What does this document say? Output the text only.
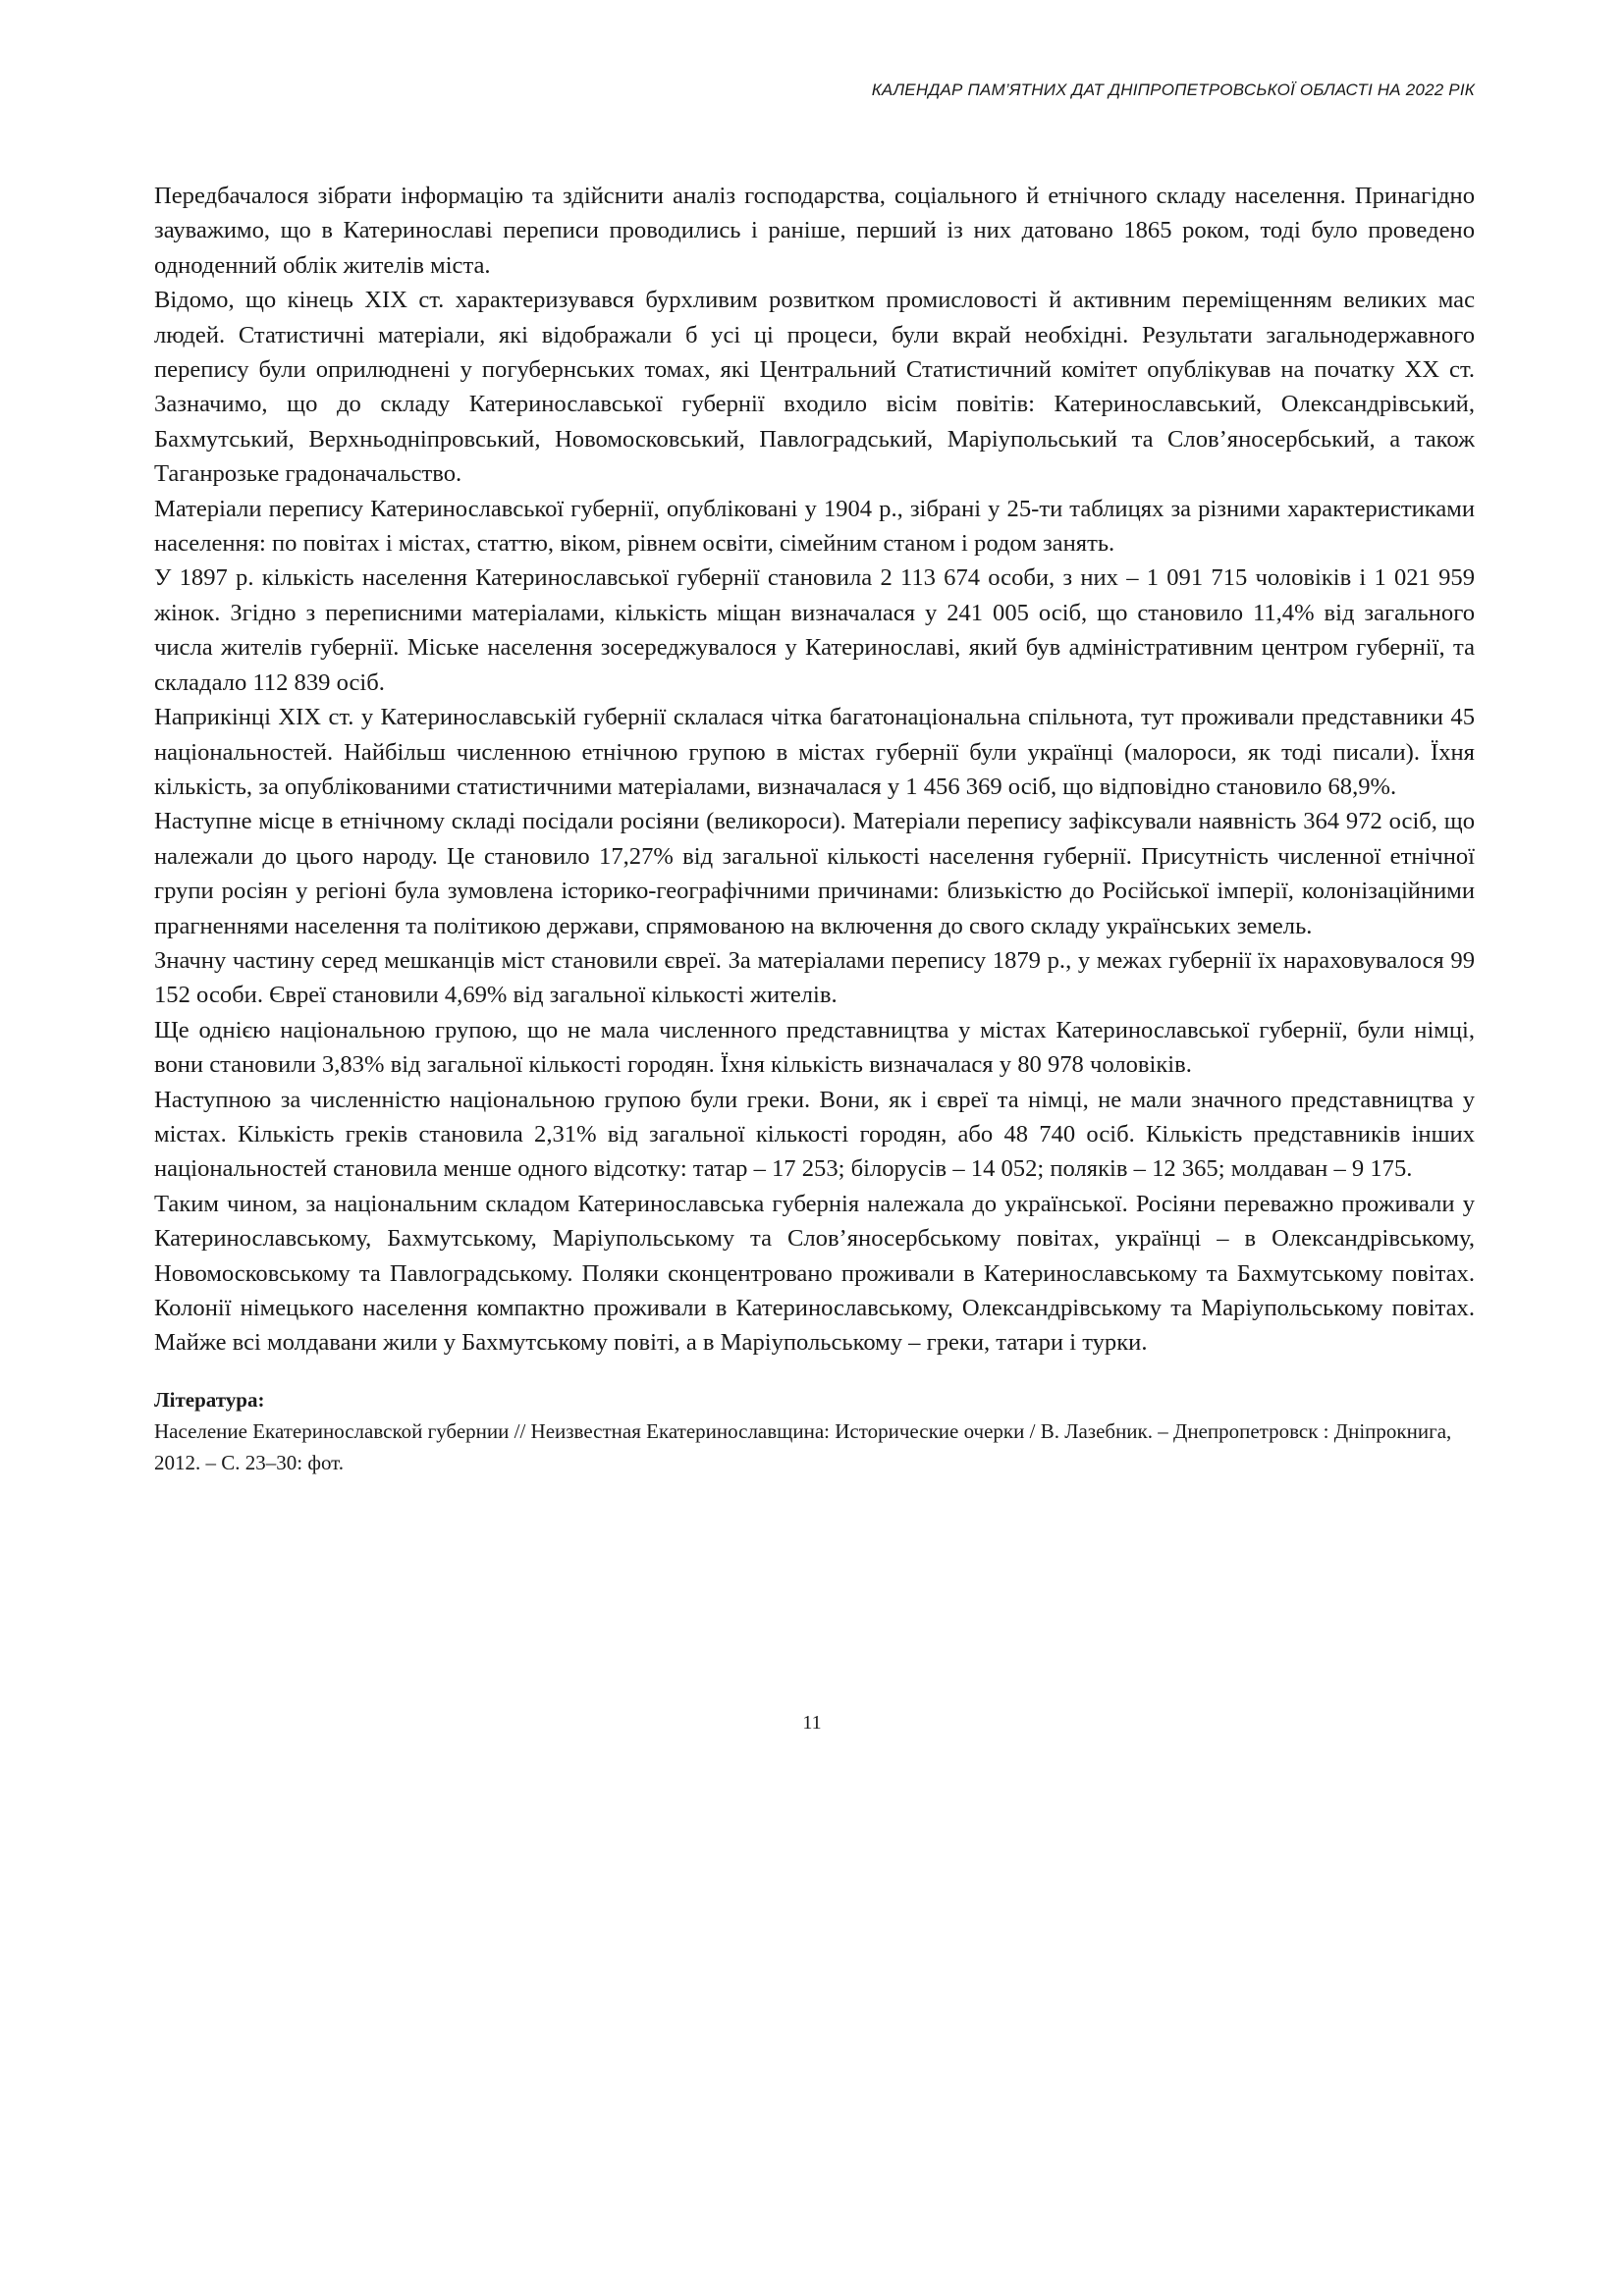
КАЛЕНДАР ПАМ’ЯТНИХ ДАТ ДНІПРОПЕТРОВСЬКОЇ ОБЛАСТІ НА 2022 РІК

Передбачалося зібрати інформацію та здійснити аналіз господарства, соціального й етнічного складу населення. Принагідно зауважимо, що в Катеринославі переписи проводились і раніше, перший із них датовано 1865 роком, тоді було проведено одноденний облік жителів міста.

Відомо, що кінець XIX ст. характеризувався бурхливим розвитком промисловості й активним переміщенням великих мас людей. Статистичні матеріали, які відображали б усі ці процеси, були вкрай необхідні. Результати загальнодержавного перепису були оприлюднені у погубернських томах, які Центральний Статистичний комітет опублікував на початку XX ст. Зазначимо, що до складу Катеринославської губернії входило вісім повітів: Катеринославський, Олександрівський, Бахмутський, Верхньодніпровський, Новомосковський, Павлоградський, Маріупольський та Слов’яносербський, а також Таганрозьке градоначальство.

Матеріали перепису Катеринославської губернії, опубліковані у 1904 р., зібрані у 25-ти таблицях за різними характеристиками населення: по повітах і містах, статтю, віком, рівнем освіти, сімейним станом і родом занять.

У 1897 р. кількість населення Катеринославської губернії становила 2 113 674 особи, з них – 1 091 715 чоловіків і 1 021 959 жінок. Згідно з переписними матеріалами, кількість міщан визначалася у 241 005 осіб, що становило 11,4% від загального числа жителів губернії. Міське населення зосереджувалося у Катеринославі, який був адміністративним центром губернії, та складало 112 839 осіб.

Наприкінці XIX ст. у Катеринославській губернії склалася чітка багатонаціональна спільнота, тут проживали представники 45 національностей. Найбільш численною етнічною групою в містах губернії були українці (малороси, як тоді писали). Їхня кількість, за опублікованими статистичними матеріалами, визначалася у 1 456 369 осіб, що відповідно становило 68,9%.

Наступне місце в етнічному складі посідали росіяни (великороси). Матеріали перепису зафіксували наявність 364 972 осіб, що належали до цього народу. Це становило 17,27% від загальної кількості населення губернії. Присутність численної етнічної групи росіян у регіоні була зумовлена історико-географічними причинами: близькістю до Російської імперії, колонізаційними прагненнями населення та політикою держави, спрямованою на включення до свого складу українських земель.

Значну частину серед мешканців міст становили євреї. За матеріалами перепису 1879 р., у межах губернії їх нараховувалося 99 152 особи. Євреї становили 4,69% від загальної кількості жителів.

Ще однією національною групою, що не мала численного представництва у містах Катеринославської губернії, були німці, вони становили 3,83% від загальної кількості городян. Їхня кількість визначалася у 80 978 чоловіків.

Наступною за численністю національною групою були греки. Вони, як і євреї та німці, не мали значного представництва у містах. Кількість греків становила 2,31% від загальної кількості городян, або 48 740 осіб. Кількість представників інших національностей становила менше одного відсотку: татар – 17 253; білорусів – 14 052; поляків – 12 365; молдаван – 9 175.

Таким чином, за національним складом Катеринославська губернія належала до української. Росіяни переважно проживали у Катеринославському, Бахмутському, Маріупольському та Слов’яносербському повітах, українці – в Олександрівському, Новомосковському та Павлоградському. Поляки сконцентровано проживали в Катеринославському та Бахмутському повітах. Колонії німецького населення компактно проживали в Катеринославському, Олександрівському та Маріупольському повітах. Майже всі молдавани жили у Бахмутському повіті, а в Маріупольському – греки, татари і турки.

Література:

Население Екатеринославской губернии // Неизвестная Екатеринославщина: Исторические очерки / В. Лазебник. – Днепропетровск : Дніпрокнига, 2012. – С. 23–30: фот.

11
